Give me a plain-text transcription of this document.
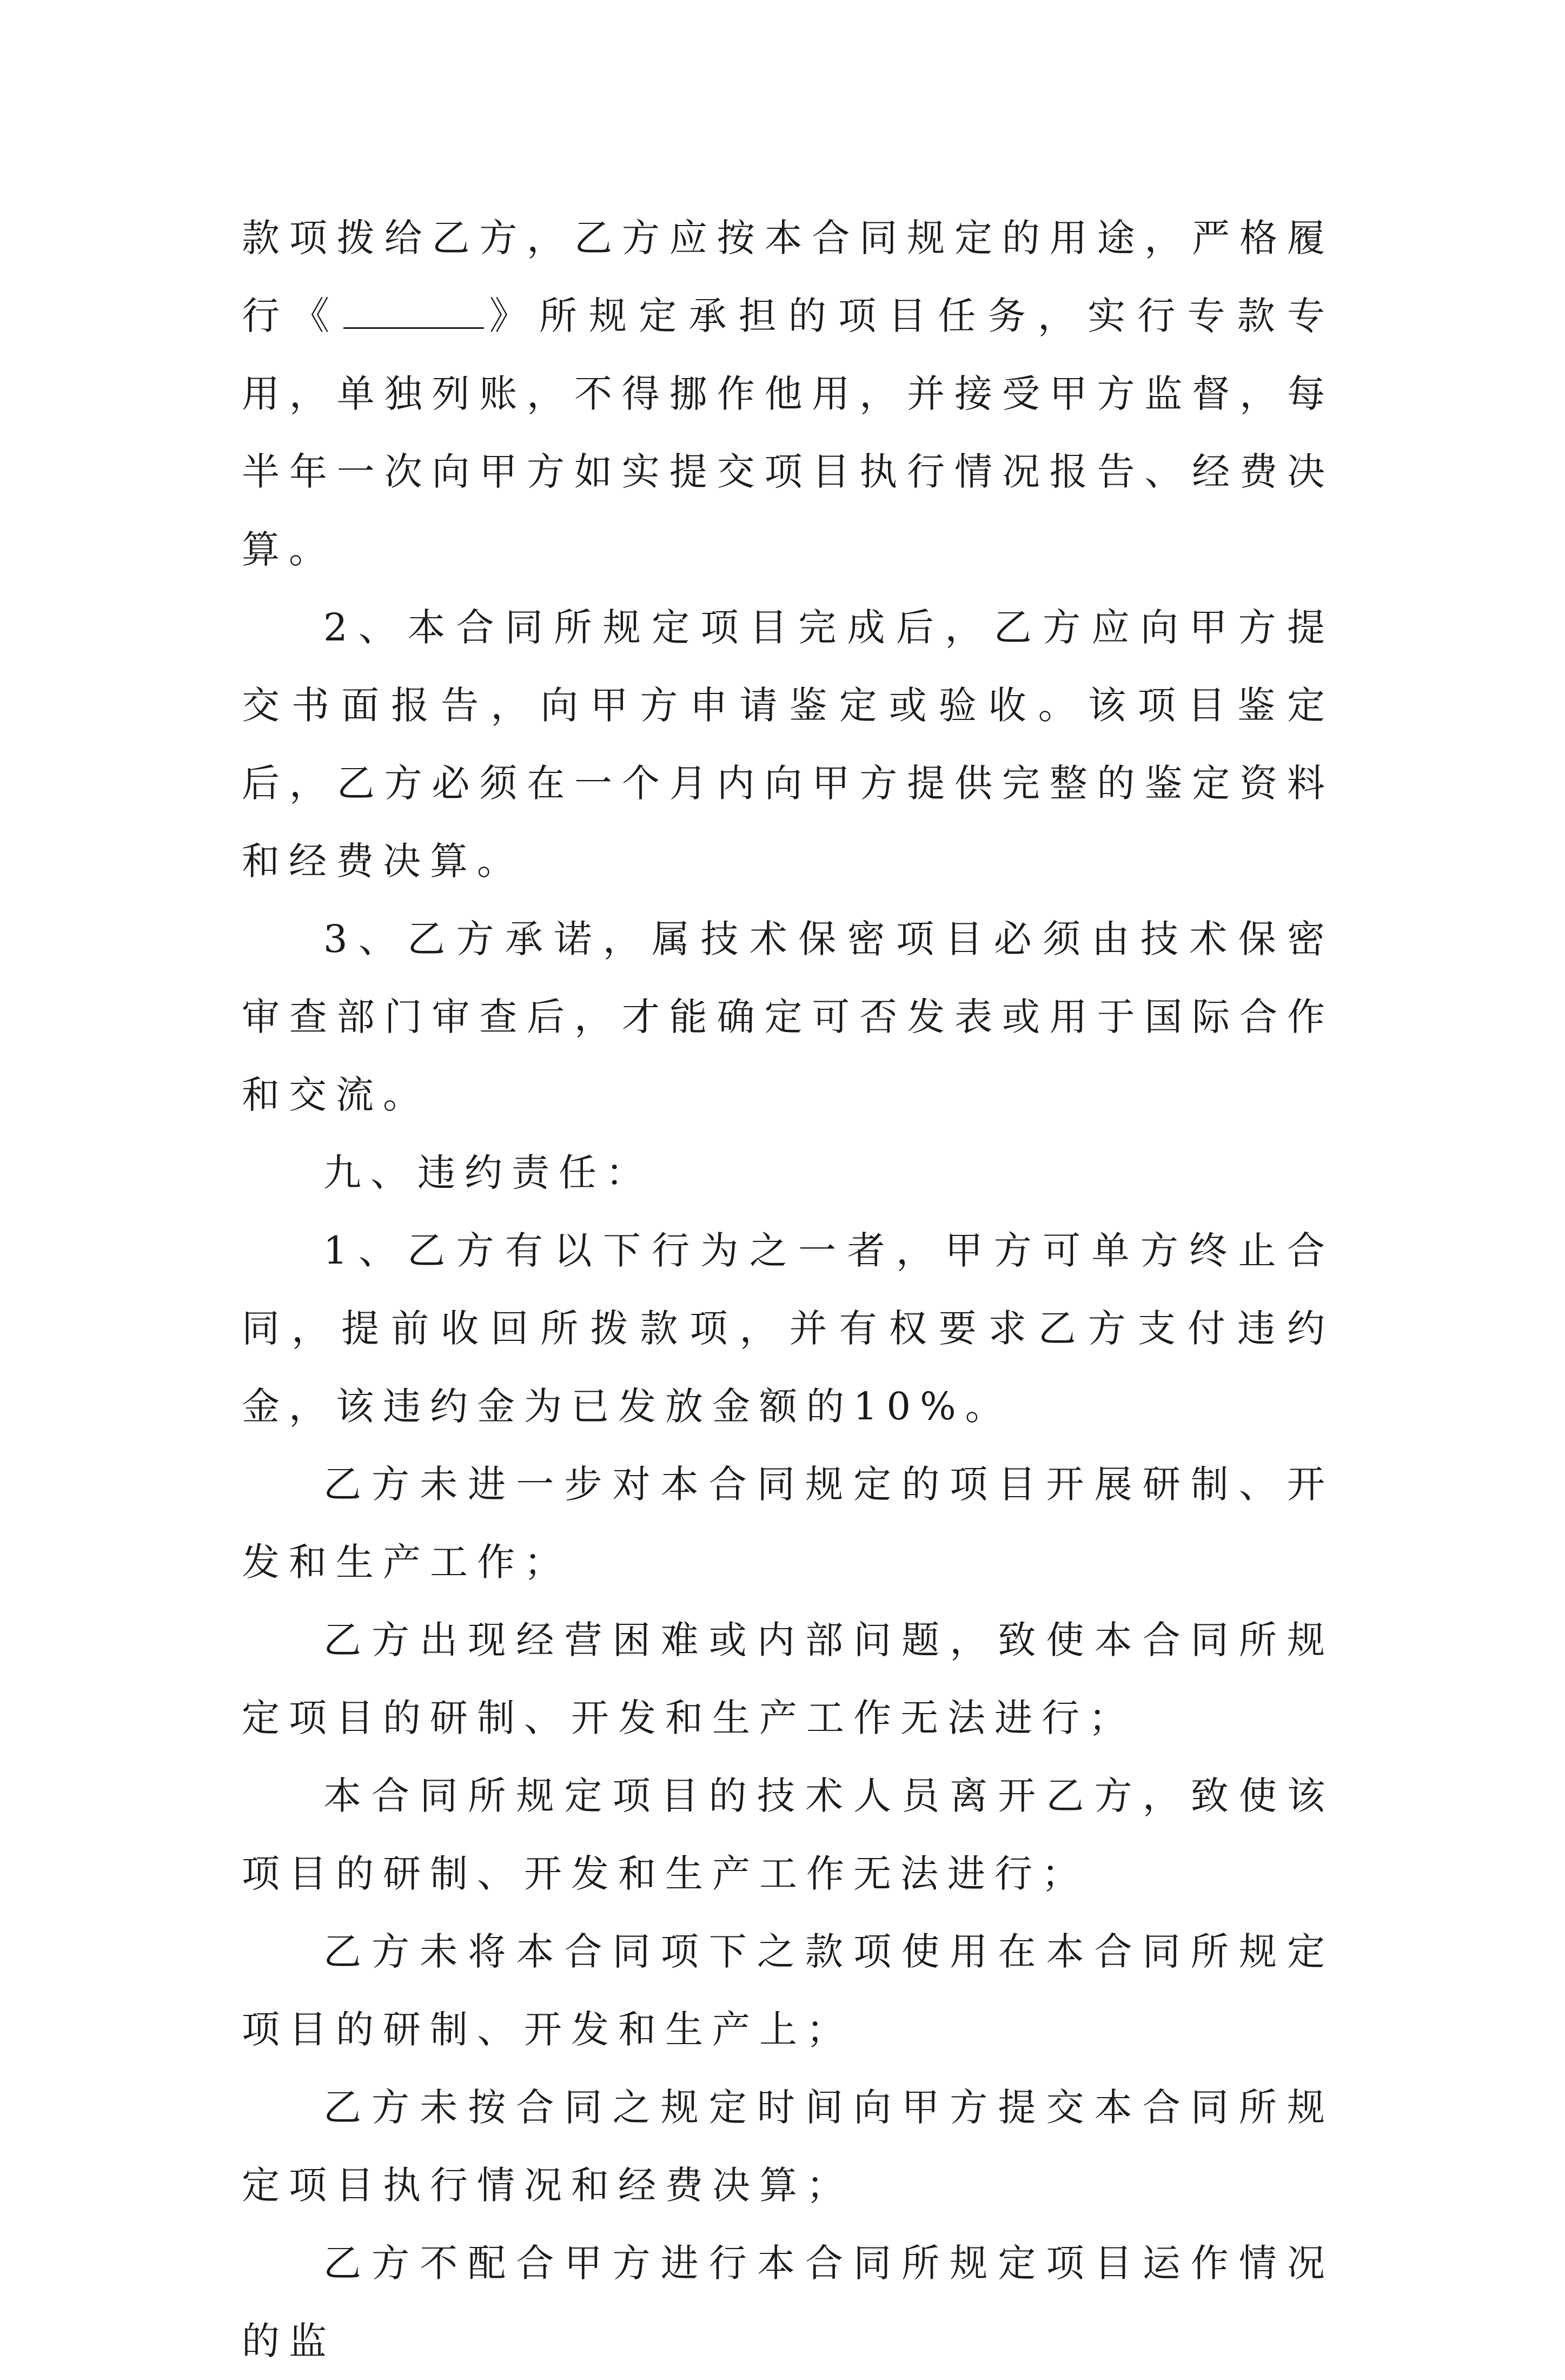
款项拨给乙方，乙方应按本合同规定的用途，严格履行《	》所规定承担的项目任务，实行专款专用，单独列账，不得挪作他用，并接受甲方监督，每半年一次向甲方如实提交项目执行情况报告、经费决算。

2、本合同所规定项目完成后，乙方应向甲方提交书面报告，向甲方申请鉴定或验收。该项目鉴定后，乙方必须在一个月内向甲方提供完整的鉴定资料和经费决算。

3、乙方承诺，属技术保密项目必须由技术保密审查部门审查后，才能确定可否发表或用于国际合作和交流。

九、违约责任：

1、乙方有以下行为之一者，甲方可单方终止合同，提前收回所拨款项，并有权要求乙方支付违约金，该违约金为已发放金额的10%。

乙方未进一步对本合同规定的项目开展研制、开发和生产工作；

乙方出现经营困难或内部问题，致使本合同所规定项目的研制、开发和生产工作无法进行；

本合同所规定项目的技术人员离开乙方，致使该项目的研制、开发和生产工作无法进行；

乙方未将本合同项下之款项使用在本合同所规定项目的研制、开发和生产上；

乙方未按合同之规定时间向甲方提交本合同所规定项目执行情况和经费决算；

乙方不配合甲方进行本合同所规定项目运作情况的监
